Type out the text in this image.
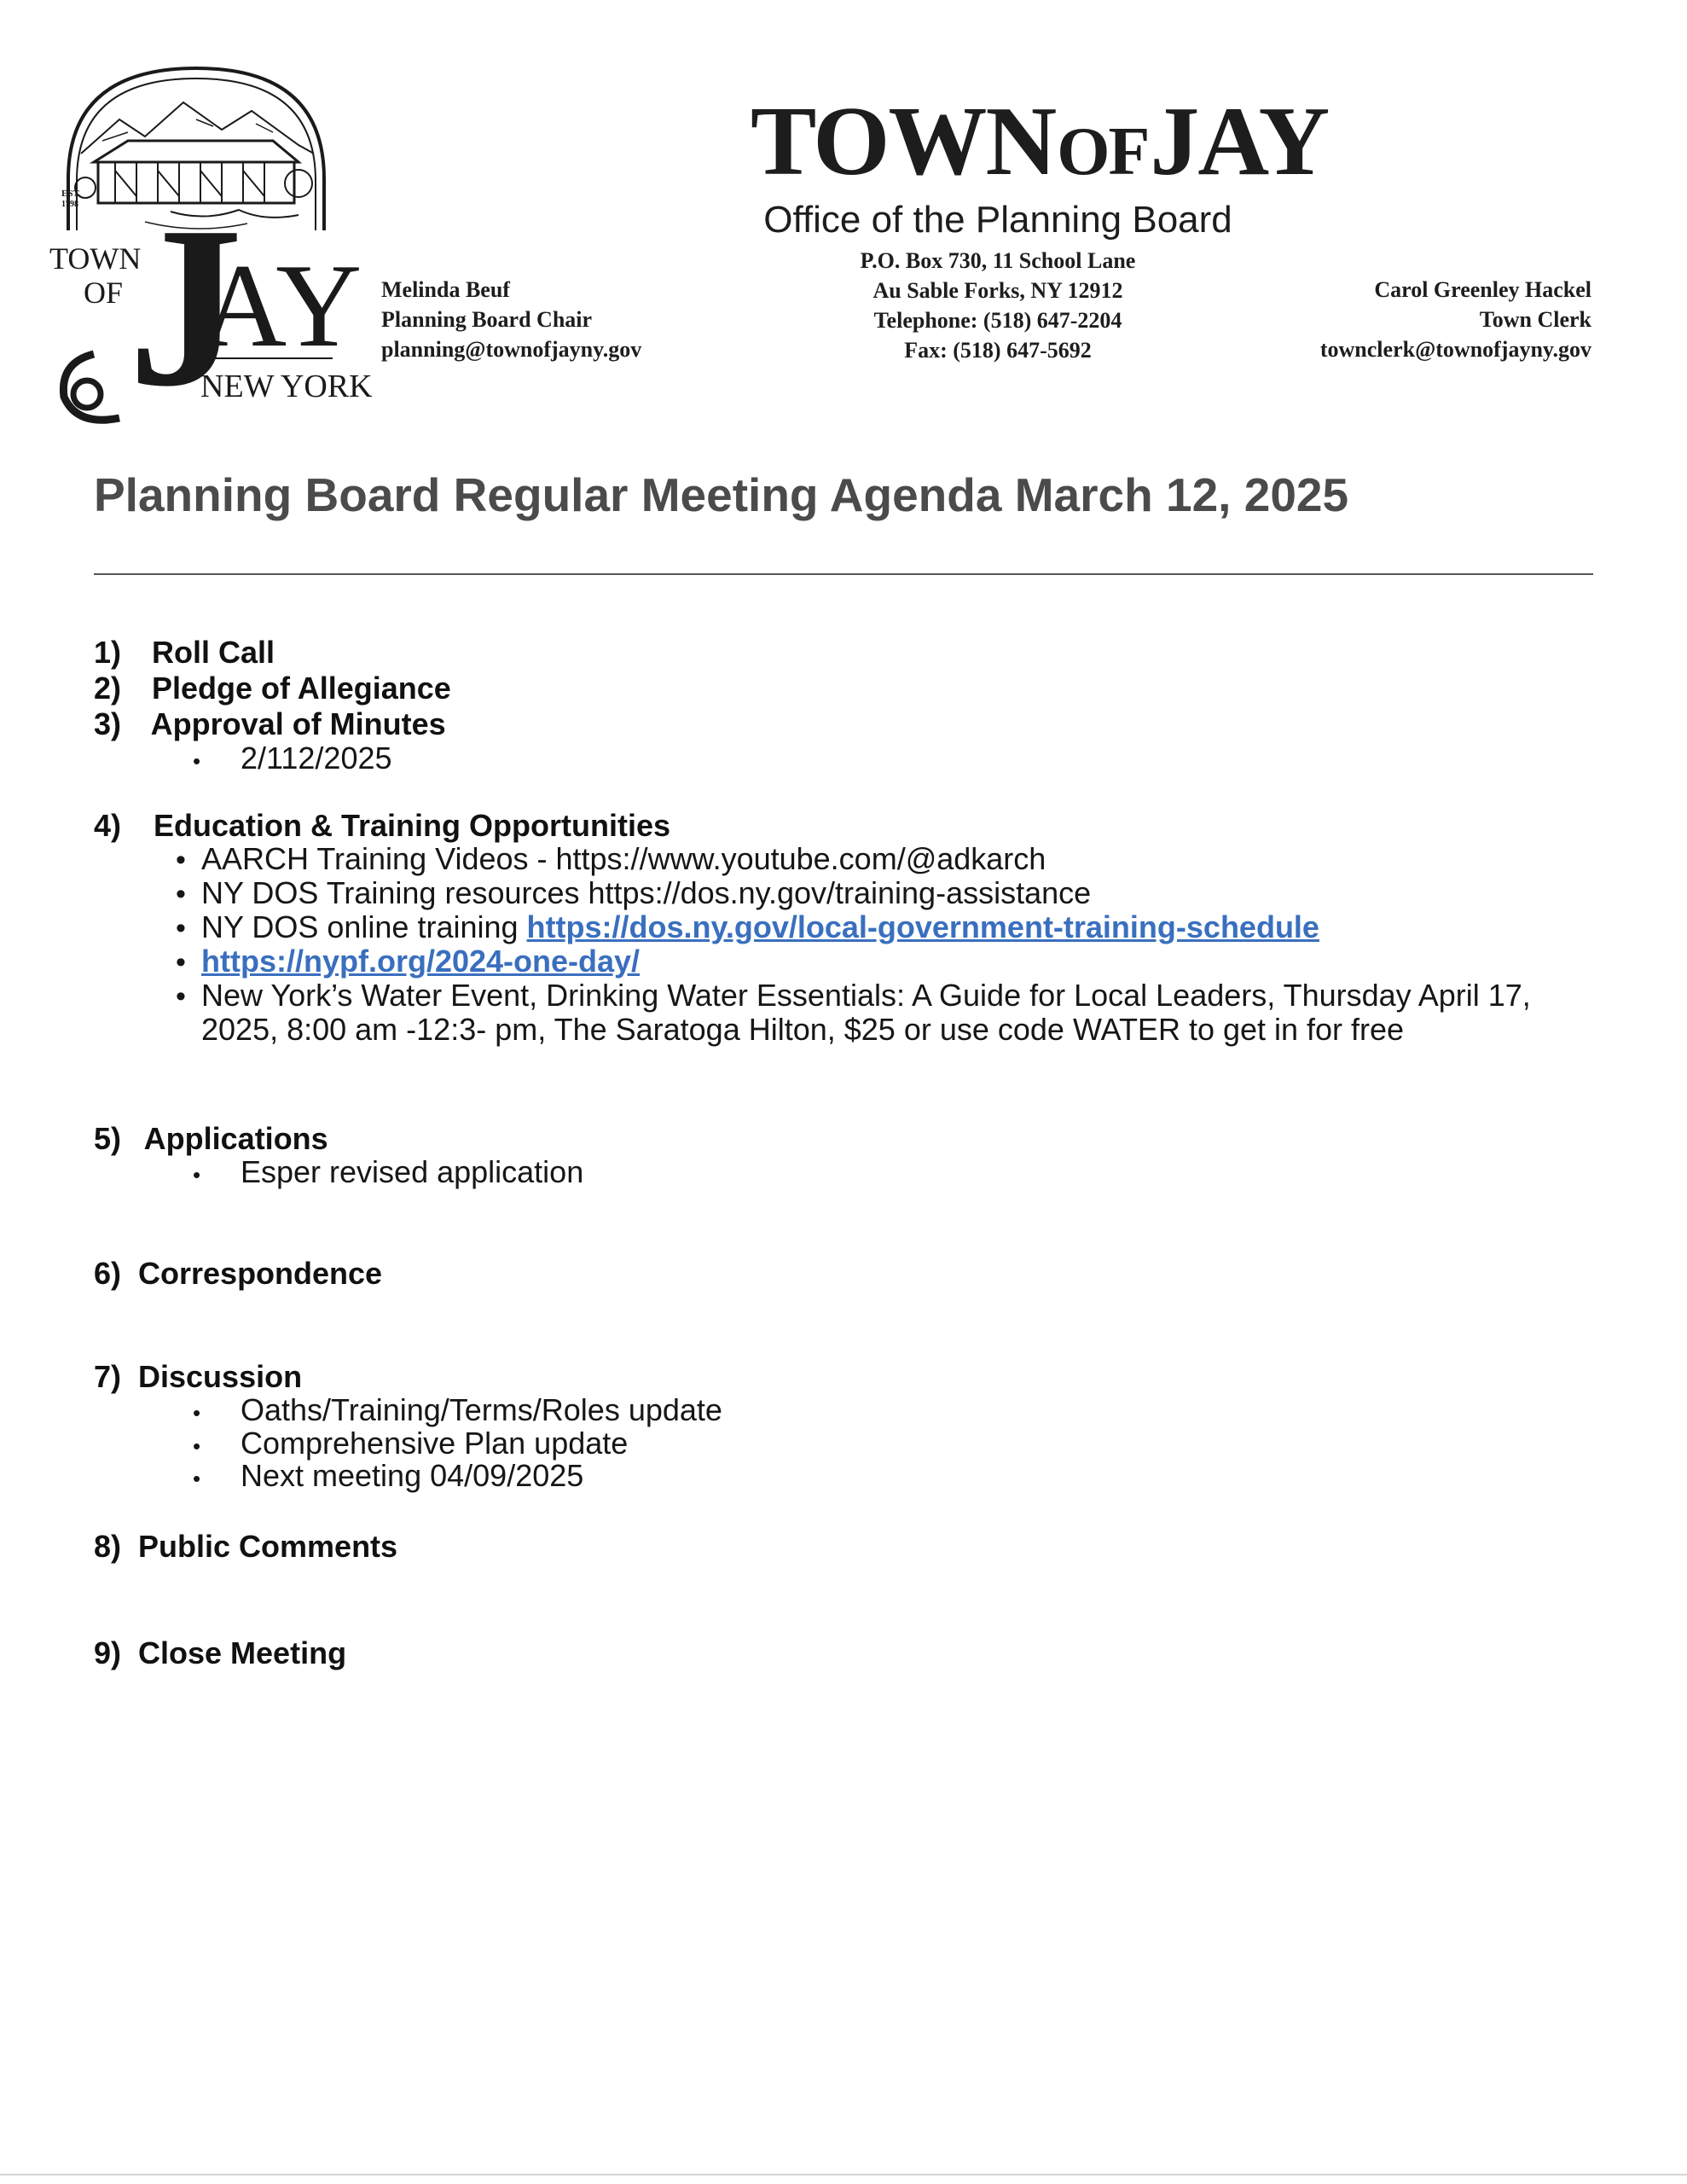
EST.
1798
TOWN
OF J
AY
NEW YORK
TOWN OF JAY
Office of the Planning Board
P.O. Box 730, 11 School Lane
Au Sable Forks, NY 12912
Telephone: (518) 647-2204
Fax: (518) 647-5692
Melinda Beuf
Planning Board Chair
planning@townofjayny.gov
Carol Greenley Hackel
Town Clerk
townclerk@townofjayny.gov
Planning Board Regular Meeting Agenda March 12, 2025
1) Roll Call
2) Pledge of Allegiance
3) Approval of Minutes
• 2/112/2025
4) Education & Training Opportunities
• AARCH Training Videos - https://www.youtube.com/@adkarch
• NY DOS Training resources https://dos.ny.gov/training-assistance
• NY DOS online training https://dos.ny.gov/local-government-training-schedule
• https://nypf.org/2024-one-day/
• New York’s Water Event, Drinking Water Essentials: A Guide for Local Leaders, Thursday April 17,
2025, 8:00 am -12:3- pm, The Saratoga Hilton, $25 or use code WATER to get in for free
5) Applications
• Esper revised application
6) Correspondence
7) Discussion
• Oaths/Training/Terms/Roles update
• Comprehensive Plan update
• Next meeting 04/09/2025
8) Public Comments
9) Close Meeting
